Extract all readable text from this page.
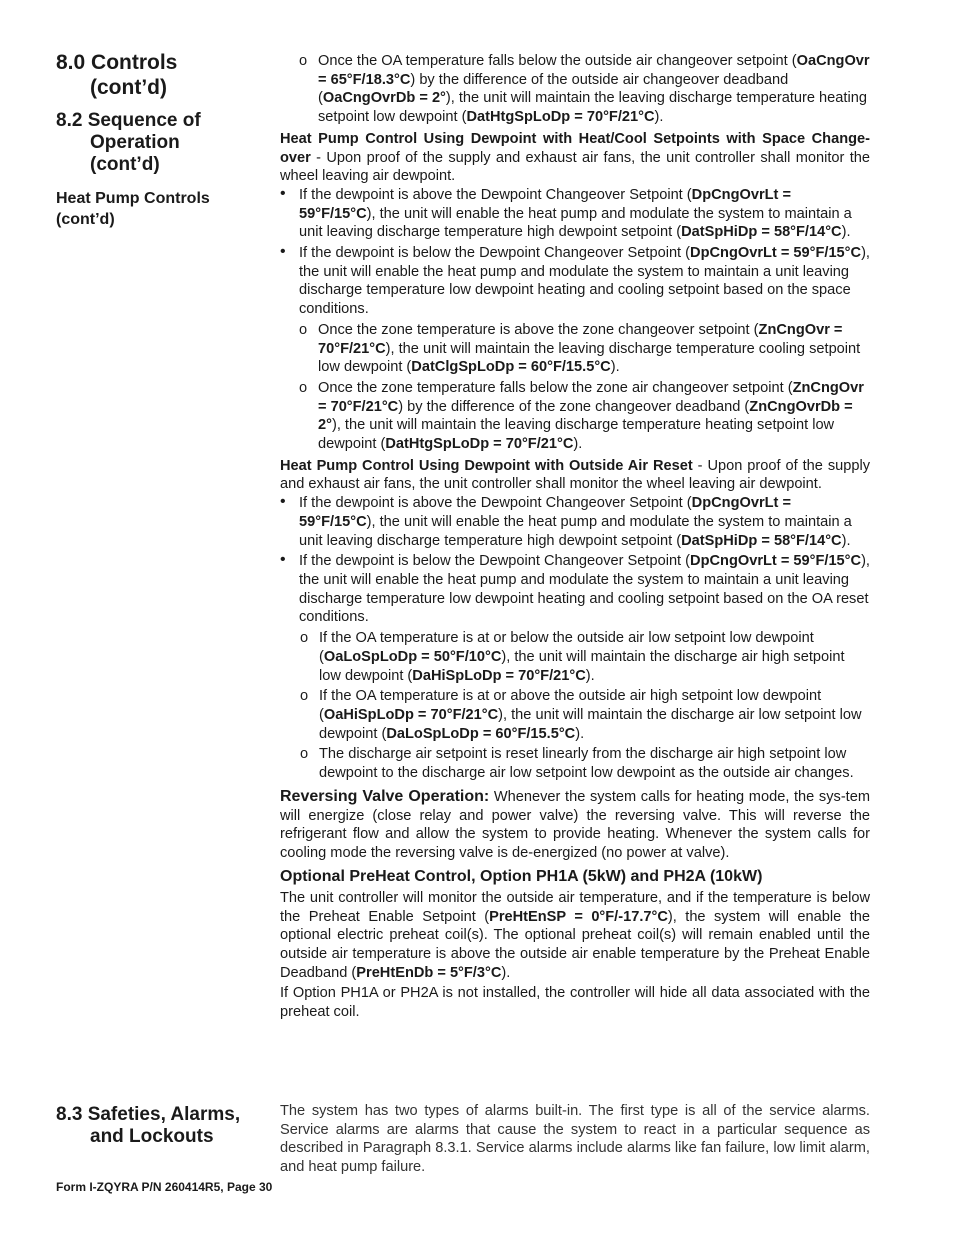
8.0 Controls
(cont’d)
8.2 Sequence of
Operation
(cont’d)
Heat Pump Controls
(cont’d)

o Once the OA temperature falls below the outside air changeover setpoint (OaCngOvr = 65°F/18.3°C) by the difference of the outside air changeover deadband (OaCngOvrDb = 2°), the unit will maintain the leaving discharge temperature heating setpoint low dewpoint (DatHtgSpLoDp = 70°F/21°C).

Heat Pump Control Using Dewpoint with Heat/Cool Setpoints with Space Change-over - Upon proof of the supply and exhaust air fans, the unit controller shall monitor the wheel leaving air dewpoint.

• If the dewpoint is above the Dewpoint Changeover Setpoint (DpCngOvrLt = 59°F/15°C), the unit will enable the heat pump and modulate the system to maintain a unit leaving discharge temperature high dewpoint setpoint (DatSpHiDp = 58°F/14°C).

• If the dewpoint is below the Dewpoint Changeover Setpoint (DpCngOvrLt = 59°F/15°C), the unit will enable the heat pump and modulate the system to maintain a unit leaving discharge temperature low dewpoint heating and cooling setpoint based on the space conditions.

o Once the zone temperature is above the zone changeover setpoint (ZnCngOvr = 70°F/21°C), the unit will maintain the leaving discharge temperature cooling setpoint low dewpoint (DatClgSpLoDp = 60°F/15.5°C).

o Once the zone temperature falls below the zone air changeover setpoint (ZnCngOvr = 70°F/21°C) by the difference of the zone changeover deadband (ZnCngOvrDb = 2°), the unit will maintain the leaving discharge temperature heating setpoint low dewpoint (DatHtgSpLoDp = 70°F/21°C).

Heat Pump Control Using Dewpoint with Outside Air Reset - Upon proof of the supply and exhaust air fans, the unit controller shall monitor the wheel leaving air dewpoint.

• If the dewpoint is above the Dewpoint Changeover Setpoint (DpCngOvrLt = 59°F/15°C), the unit will enable the heat pump and modulate the system to maintain a unit leaving discharge temperature high dewpoint setpoint (DatSpHiDp = 58°F/14°C).

• If the dewpoint is below the Dewpoint Changeover Setpoint (DpCngOvrLt = 59°F/15°C), the unit will enable the heat pump and modulate the system to maintain a unit leaving discharge temperature low dewpoint heating and cooling setpoint based on the OA reset conditions.

o If the OA temperature is at or below the outside air low setpoint low dewpoint (OaLoSpLoDp = 50°F/10°C), the unit will maintain the discharge air high setpoint low dewpoint (DaHiSpLoDp = 70°F/21°C).

o If the OA temperature is at or above the outside air high setpoint low dewpoint (OaHiSpLoDp = 70°F/21°C), the unit will maintain the discharge air low setpoint low dewpoint (DaLoSpLoDp = 60°F/15.5°C).

o The discharge air setpoint is reset linearly from the discharge air high setpoint low dewpoint to the discharge air low setpoint low dewpoint as the outside air changes.

Reversing Valve Operation: Whenever the system calls for heating mode, the sys-tem will energize (close relay and power valve) the reversing valve. This will reverse the refrigerant flow and allow the system to provide heating. Whenever the system calls for cooling mode the reversing valve is de-energized (no power at valve).

Optional PreHeat Control, Option PH1A (5kW) and PH2A (10kW)

The unit controller will monitor the outside air temperature, and if the temperature is below the Preheat Enable Setpoint (PreHtEnSP = 0°F/-17.7°C), the system will enable the optional electric preheat coil(s). The optional preheat coil(s) will remain enabled until the outside air temperature is above the outside air enable temperature by the Preheat Enable Deadband (PreHtEnDb = 5°F/3°C).

If Option PH1A or PH2A is not installed, the controller will hide all data associated with the preheat coil.

8.3 Safeties, Alarms,
and Lockouts

The system has two types of alarms built-in. The first type is all of the service alarms. Service alarms are alarms that cause the system to react in a particular sequence as described in Paragraph 8.3.1. Service alarms include alarms like fan failure, low limit alarm, and heat pump failure.

Form I-ZQYRA P/N 260414R5, Page 30
